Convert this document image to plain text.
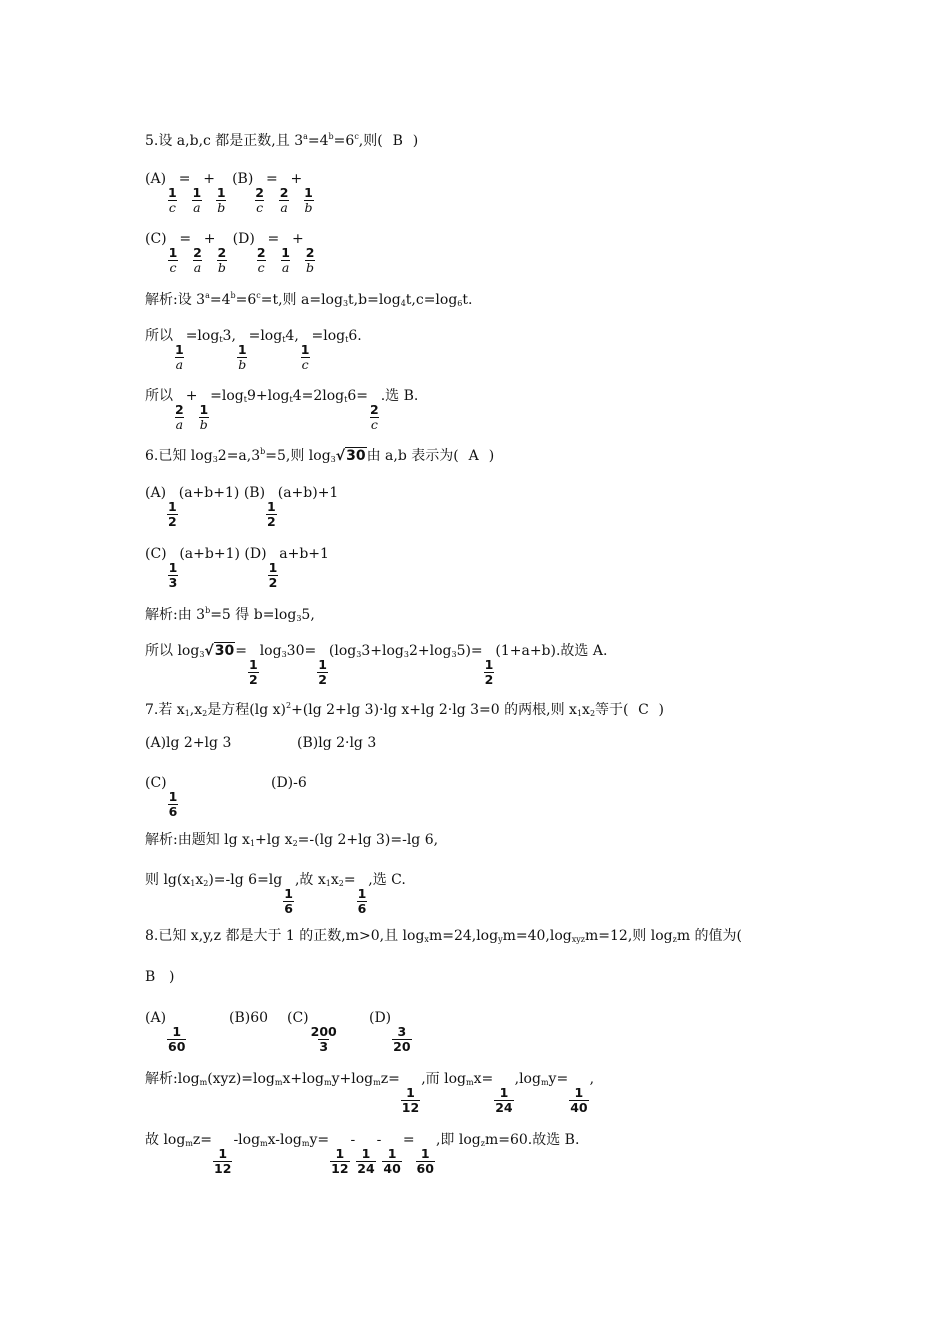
5.设 a,b,c 都是正数,且 $3^a=4^b=6^c$,则( B )
(A)
$\frac{1}{c}$
=
$\frac{1}{a}$
+
$\frac{1}{b}$
(B)
$\frac{2}{c}$
=
$\frac{2}{a}$
+
$\frac{1}{b}$
(C)
$\frac{1}{c}$
=
$\frac{2}{a}$
+
$\frac{2}{b}$
(D)
$\frac{2}{c}$
=
$\frac{1}{a}$
+
$\frac{2}{b}$
解析:设 $3^a=4^b=6^c=t$,则 $a=\log_3t,b=\log_4t,c=\log_6t$.
所以
$\frac{1}{a}$
$=\log_t3$,
$\frac{1}{b}$
$=\log_t4$,
$\frac{1}{c}$
$=\log_t6$.
所以
$\frac{2}{a}$
+
$\frac{1}{b}$
$=\log_t9+\log_t4=2\log_t6=$
$\frac{2}{c}$
.选 B.
6.已知 $\log_32=a,3^b=5$,则 $\log_3√30$由 a,b 表示为( A )
(A)
$\frac{1}{2}$
(a+b+1) (B)
$\frac{1}{2}$
(a+b)+1
(C)
$\frac{1}{3}$
(a+b+1) (D)
$\frac{1}{2}$
a+b+1
解析:由 $3^b=5$ 得 $b=\log_35$,
所以 $\log_3√30=$
$\frac{1}{2}$
$\log_330=$
$\frac{1}{2}$
$(\log_33+\log_32+\log_35)=$
$\frac{1}{2}$
(1+a+b).故选 A.
7.若 $x_1,x_2$是方程(lg x)$^2$+(lg 2+lg 3)·lg x+lg 2·lg 3=0 的两根,则 $x_1x_2$等于( C )
(A)lg 2+lg 3	(B)lg 2·lg 3
(C)
$\frac{1}{6}$
(D)-6
解析:由题知 $\lg x_1+\lg$ $x_2=-(\lg$ 2+lg 3)=-lg 6,
则 $\lg(x_1x_2)=-\lg$ 6=lg
$\frac{1}{6}$
,故 $x_1x_2=$
$\frac{1}{6}$
,选 C.
8.已知 x,y,z 都是大于 1 的正数,m>0,且 $\log_xm=24,\log_ym=40,\log_{xyz}m=12$,则 $\log_zm$ 的值为(
B )
(A)
$\frac{1}{60}$
(B)60 (C)
$\frac{200}{3}$
(D)
$\frac{3}{20}$
解析$:\log_m(xyz)=\log_mx+\log_my+\log_mz=$
$\frac{1}{12}$
,而 $\log_mx=$
$\frac{1}{24}$
$,\log_my=$
$\frac{1}{40}$
,
故 $\log_mz=$
$\frac{1}{12}$
$-\log_mx-\log_my=$
$\frac{1}{12}$
-
$\frac{1}{24}$
-
$\frac{1}{40}$
=
$\frac{1}{60}$
,即 $\log_zm=60$.故选 B.
